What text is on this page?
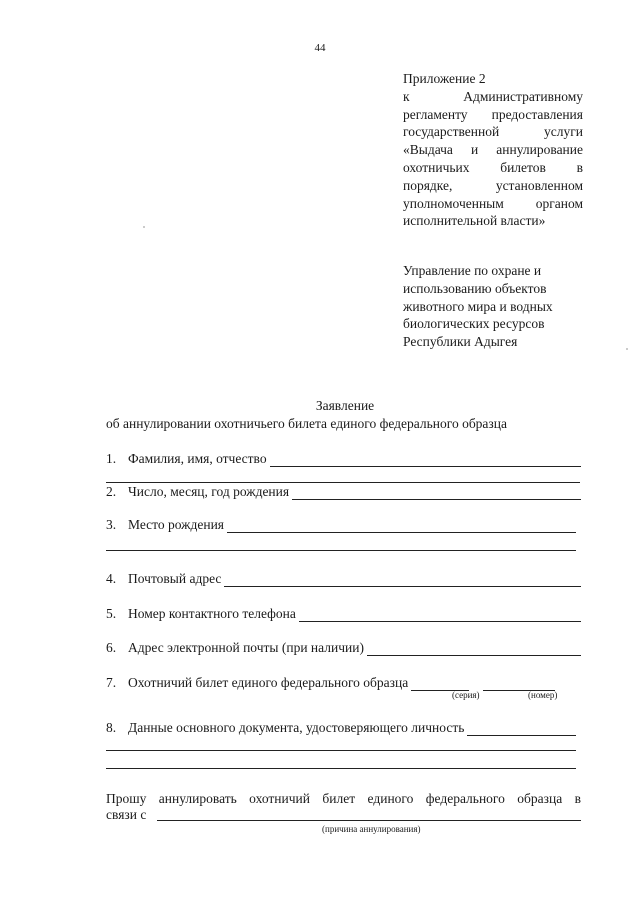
44
Приложение 2
к Административному
регламенту предоставления
государственной услуги
«Выдача и аннулирование
охотничьих билетов в
порядке, установленном
уполномоченным органом
исполнительной власти»
Управление по охране и
использованию объектов
животного мира и водных
биологических ресурсов
Республики Адыгея
Заявление
об аннулировании охотничьего билета единого федерального образца
1. Фамилия, имя, отчество
2. Число, месяц, год рождения
3. Место рождения
4. Почтовый адрес
5. Номер контактного телефона
6. Адрес электронной почты (при наличии)
7. Охотничий билет единого федерального образца
(серия)	(номер)
8. Данные основного документа, удостоверяющего личность
Прошу аннулировать охотничий билет единого федерального образца в
связи с
(причина аннулирования)
